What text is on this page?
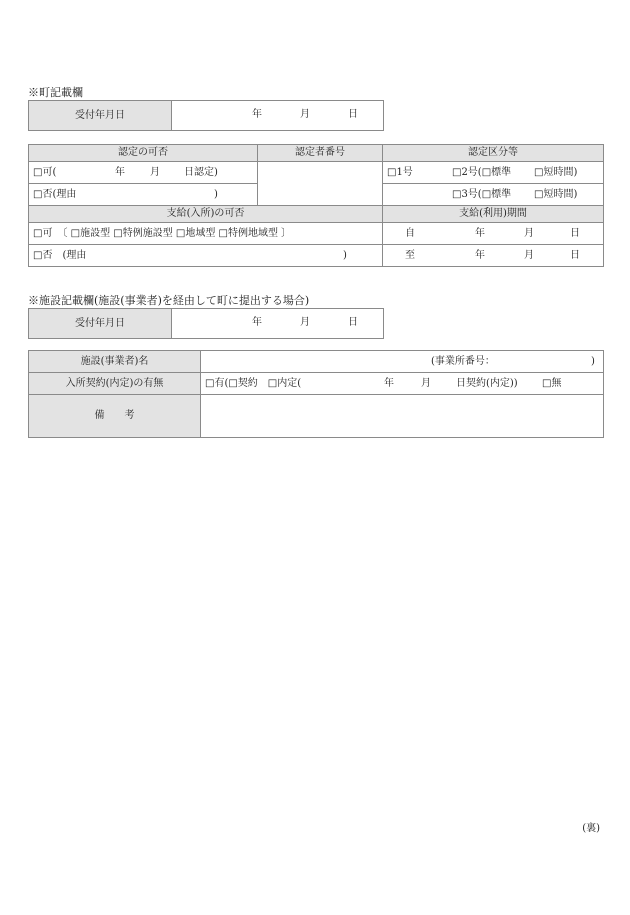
※町記載欄
受付年月日	年	月	日
認定の可否	認定者番号	認定区分等

□可( 年 月 日認定)		□1号 □2号(□標準 □短時間)

□否(理由 )		□3号(□標準 □短時間)

支給(入所)の可否		支給(利用)期間

□可　〔 □施設型 □特例施設型 □地域型 □特例地域型 〕		自 年 月 日

□否　(理由 )		至 年 月 日
※施設記載欄(施設(事業者)を経由して町に提出する場合)
受付年月日	年	月	日
施設(事業者)名	(事業所番号： )

入所契約(内定)の有無	□有(□契約　□内定( 年 月 日契約(内定)) □無

備　　考	
(裏)
